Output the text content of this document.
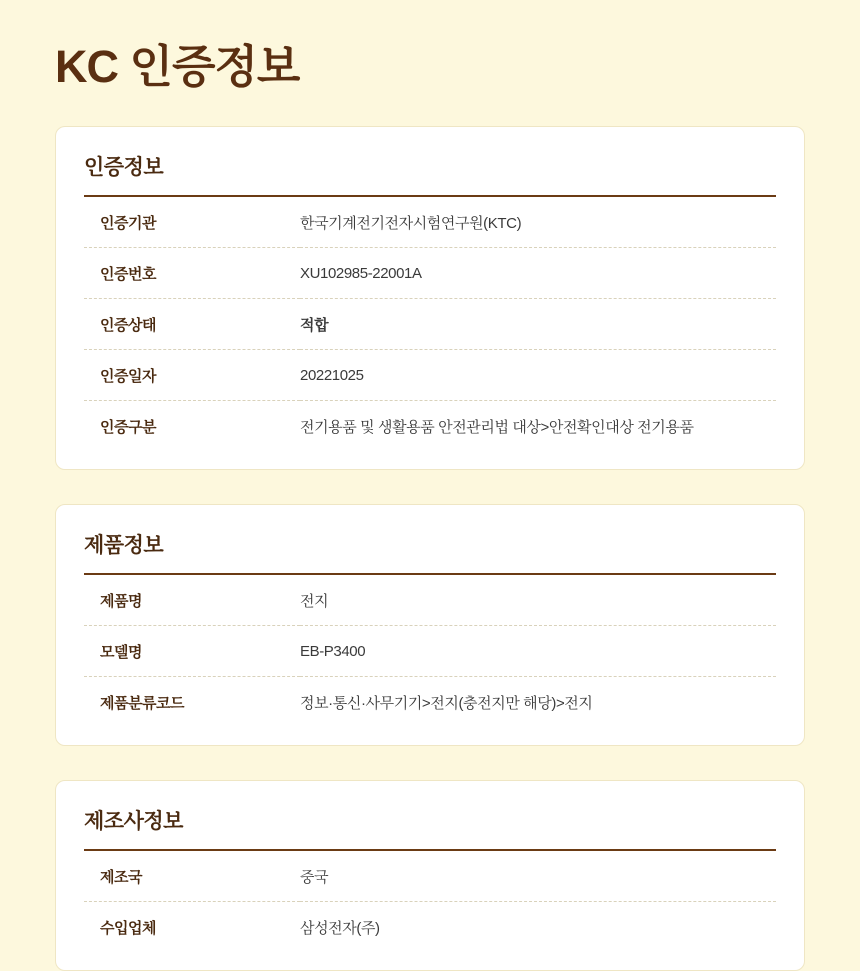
KC 인증정보
인증정보
인증기관	한국기계전기전자시험연구원(KTC)
인증번호	XU102985-22001A
인증상태	적합
인증일자	20221025
인증구분	전기용품 및 생활용품 안전관리법 대상>안전확인대상 전기용품
제품정보
제품명	전지
모델명	EB-P3400
제품분류코드	정보·통신·사무기기>전지(충전지만 해당)>전지
제조사정보
제조국	중국
수입업체	삼성전자(주)
